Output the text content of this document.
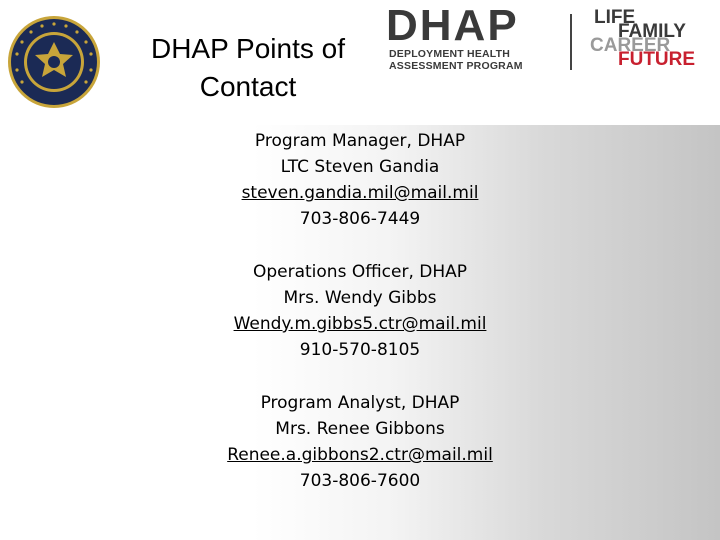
DHAP Points of
Contact
DHAP
DEPLOYMENT HEALTH
ASSESSMENT PROGRAM
LIFE
FAMILY
CAREER
FUTURE
Program Manager, DHAP
LTC Steven Gandia
steven.gandia.mil@mail.mil
703-806-7449
Operations Officer, DHAP
Mrs. Wendy Gibbs
Wendy.m.gibbs5.ctr@mail.mil
910-570-8105
Program Analyst, DHAP
Mrs. Renee Gibbons
Renee.a.gibbons2.ctr@mail.mil
703-806-7600
